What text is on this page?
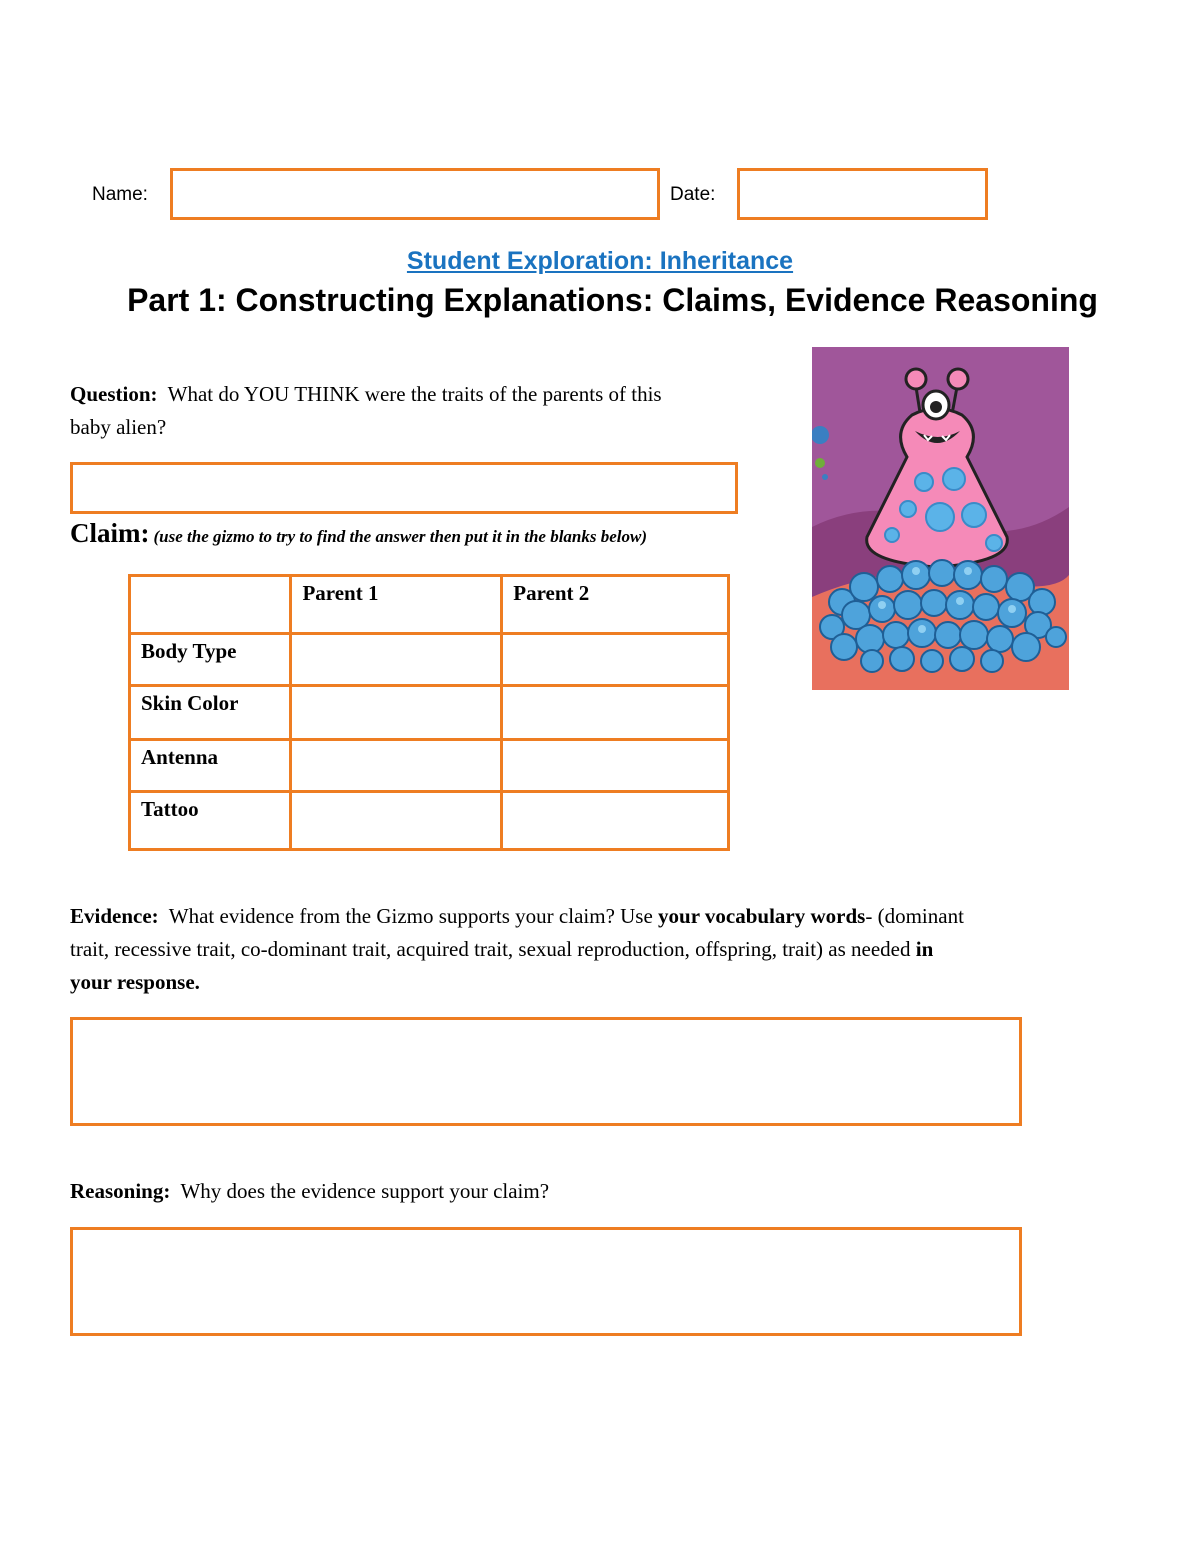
Name:	Date:
Student Exploration: Inheritance
Part 1: Constructing Explanations: Claims, Evidence Reasoning
Question: What do YOU THINK were the traits of the parents of this
baby alien?
Claim: (use the gizmo to try to find the answer then put it in the blanks below)
	Parent 1	Parent 2
Body Type		
Skin Color		
Antenna		
Tattoo		
Evidence: What evidence from the Gizmo supports your claim? Use your vocabulary words- (dominant
trait, recessive trait, co-dominant trait, acquired trait, sexual reproduction, offspring, trait) as needed in
your response.
Reasoning: Why does the evidence support your claim?
